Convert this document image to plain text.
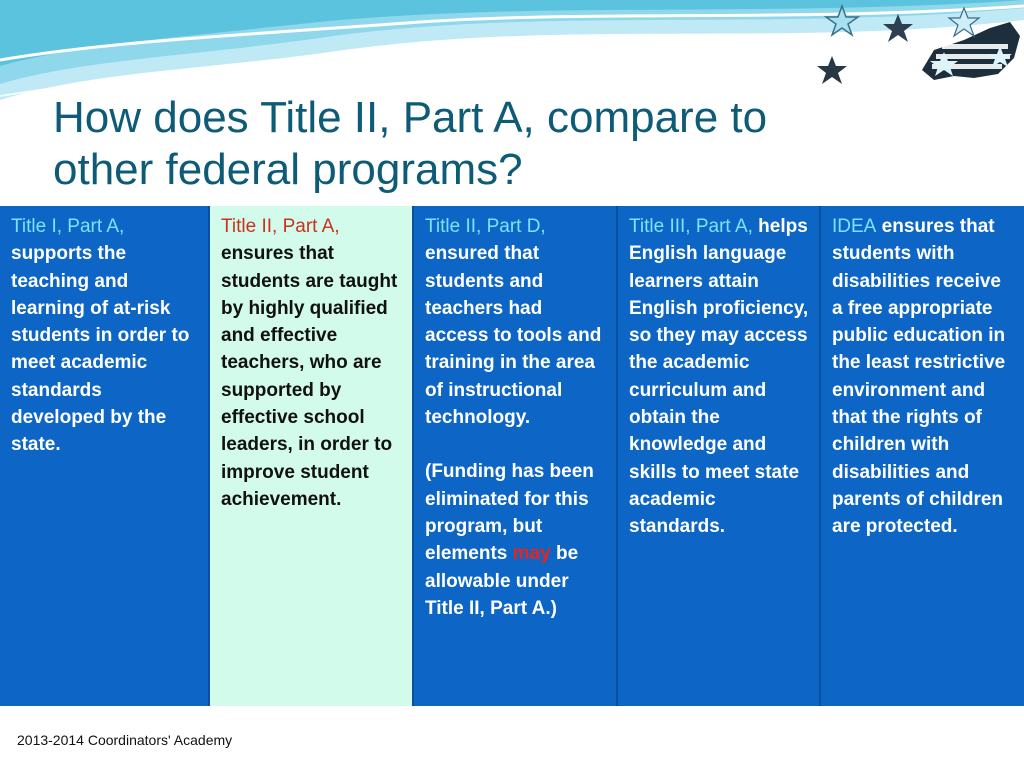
How does Title II, Part A, compare to
other federal programs?
Title I, Part A, supports the teaching and learning of at-risk students in order to meet academic standards developed by the state.
Title II, Part A, ensures that students are taught by highly qualified and effective teachers, who are supported by effective school leaders, in order to improve student achievement.
Title II, Part D, ensured that students and teachers had access to tools and training in the area of instructional technology.
(Funding has been eliminated for this program, but elements may be allowable under Title II, Part A.)
Title III, Part A, helps English language learners attain English proficiency, so they may access the academic curriculum and obtain the knowledge and skills to meet state academic standards.
IDEA ensures that students with disabilities receive a free appropriate public education in the least restrictive environment and that the rights of children with disabilities and parents of children are protected.
2013-2014 Coordinators' Academy
